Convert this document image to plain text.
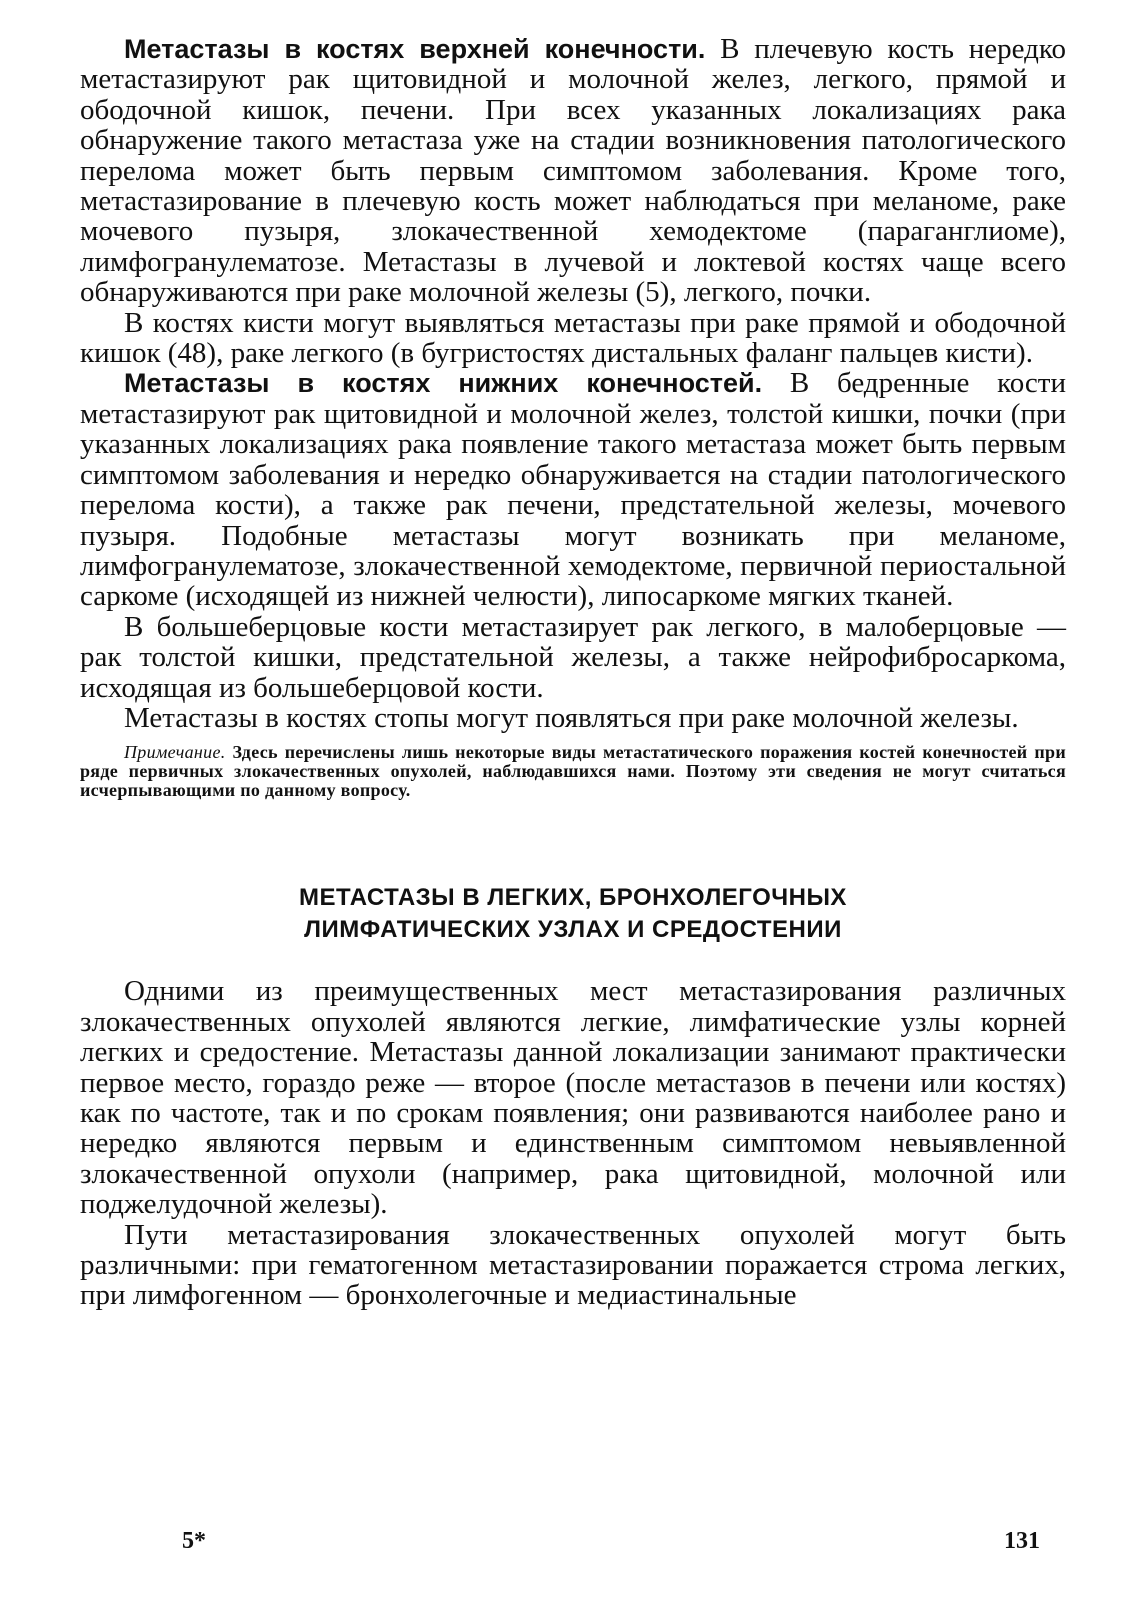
Метастазы в костях верхней конечности. В плечевую кость нередко метастазируют рак щитовидной и молочной желез, легкого, прямой и ободочной кишок, печени. При всех указанных локализациях рака обнаружение такого метастаза уже на стадии возникновения патологического перелома может быть первым симптомом заболевания. Кроме того, метастазирование в плечевую кость может наблюдаться при меланоме, раке мочевого пузыря, злокачественной хемодектоме (параганглиоме), лимфогранулематозе. Метастазы в лучевой и локтевой костях чаще всего обнаруживаются при раке молочной железы (5), легкого, почки.

В костях кисти могут выявляться метастазы при раке прямой и ободочной кишок (48), раке легкого (в бугристостях дистальных фаланг пальцев кисти).

Метастазы в костях нижних конечностей. В бедренные кости метастазируют рак щитовидной и молочной желез, толстой кишки, почки (при указанных локализациях рака появление такого метастаза может быть первым симптомом заболевания и нередко обнаруживается на стадии патологического перелома кости), а также рак печени, предстательной железы, мочевого пузыря. Подобные метастазы могут возникать при меланоме, лимфогранулематозе, злокачественной хемодектоме, первичной периостальной саркоме (исходящей из нижней челюсти), липосаркоме мягких тканей.

В большеберцовые кости метастазирует рак легкого, в малоберцовые — рак толстой кишки, предстательной железы, а также нейрофибросаркома, исходящая из большеберцовой кости.

Метастазы в костях стопы могут появляться при раке молочной железы.

Примечание. Здесь перечислены лишь некоторые виды метастатического поражения костей конечностей при ряде первичных злокачественных опухолей, наблюдавшихся нами. Поэтому эти сведения не могут считаться исчерпывающими по данному вопросу.

МЕТАСТАЗЫ В ЛЕГКИХ, БРОНХОЛЕГОЧНЫХ
ЛИМФАТИЧЕСКИХ УЗЛАХ И СРЕДОСТЕНИИ

Одними из преимущественных мест метастазирования различных злокачественных опухолей являются легкие, лимфатические узлы корней легких и средостение. Метастазы данной локализации занимают практически первое место, гораздо реже — второе (после метастазов в печени или костях) как по частоте, так и по срокам появления; они развиваются наиболее рано и нередко являются первым и единственным симптомом невыявленной злокачественной опухоли (например, рака щитовидной, молочной или поджелудочной железы).

Пути метастазирования злокачественных опухолей могут быть различными: при гематогенном метастазировании поражается строма легких, при лимфогенном — бронхолегочные и медиастинальные

5*	131
